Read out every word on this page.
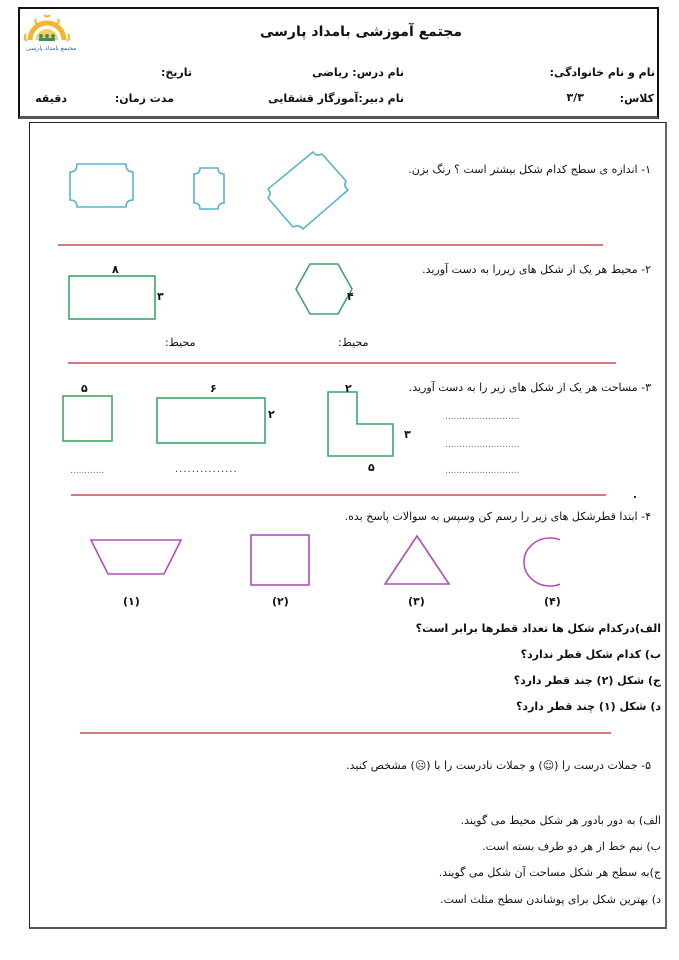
مجتمع بامداد پارسی
مجتمع آموزشی بامداد پارسی
نام و نام خانوادگی:
نام درس: ریاضی
تاریخ:
کلاس:
۳/۳
نام دبیر:آموزگار قشقایی
مدت زمان:
دقیقه
۱- اندازه ی سطح کدام شکل بیشتر است ؟ رنگ بزن.
۲- محیط هر یک از شکل های زیررا به دست آورید.
۸
۳	۴
محیط:	محیط:
۳- مساحت هر یک از شکل های زیر را به دست آورید.
۵	۶
۲
۲
۳
۵
............	...............
..........................
..........................
..........................
۴- ابتدا قطرشکل های زیر را رسم کن وسپس به سوالات پاسخ بده.
(۱)	(۲)	(۳)	(۴)
الف)درکدام شکل ها تعداد قطرها برابر است؟
ب) کدام شکل قطر ندارد؟
ج) شکل (۲) چند قطر دارد؟
د) شکل (۱) چند قطر دارد؟
۵- جملات درست را (☺) و جملات نادرست را با (☹) مشخص کنید.
الف) به دور بادور هر شکل محیط می گویند.
ب) نیم خط از هر دو طرف بسته است.
ج)به سطح هر شکل مساحت آن شکل می گویند.
د) بهترین شکل برای پوشاندن سطح مثلث است.
